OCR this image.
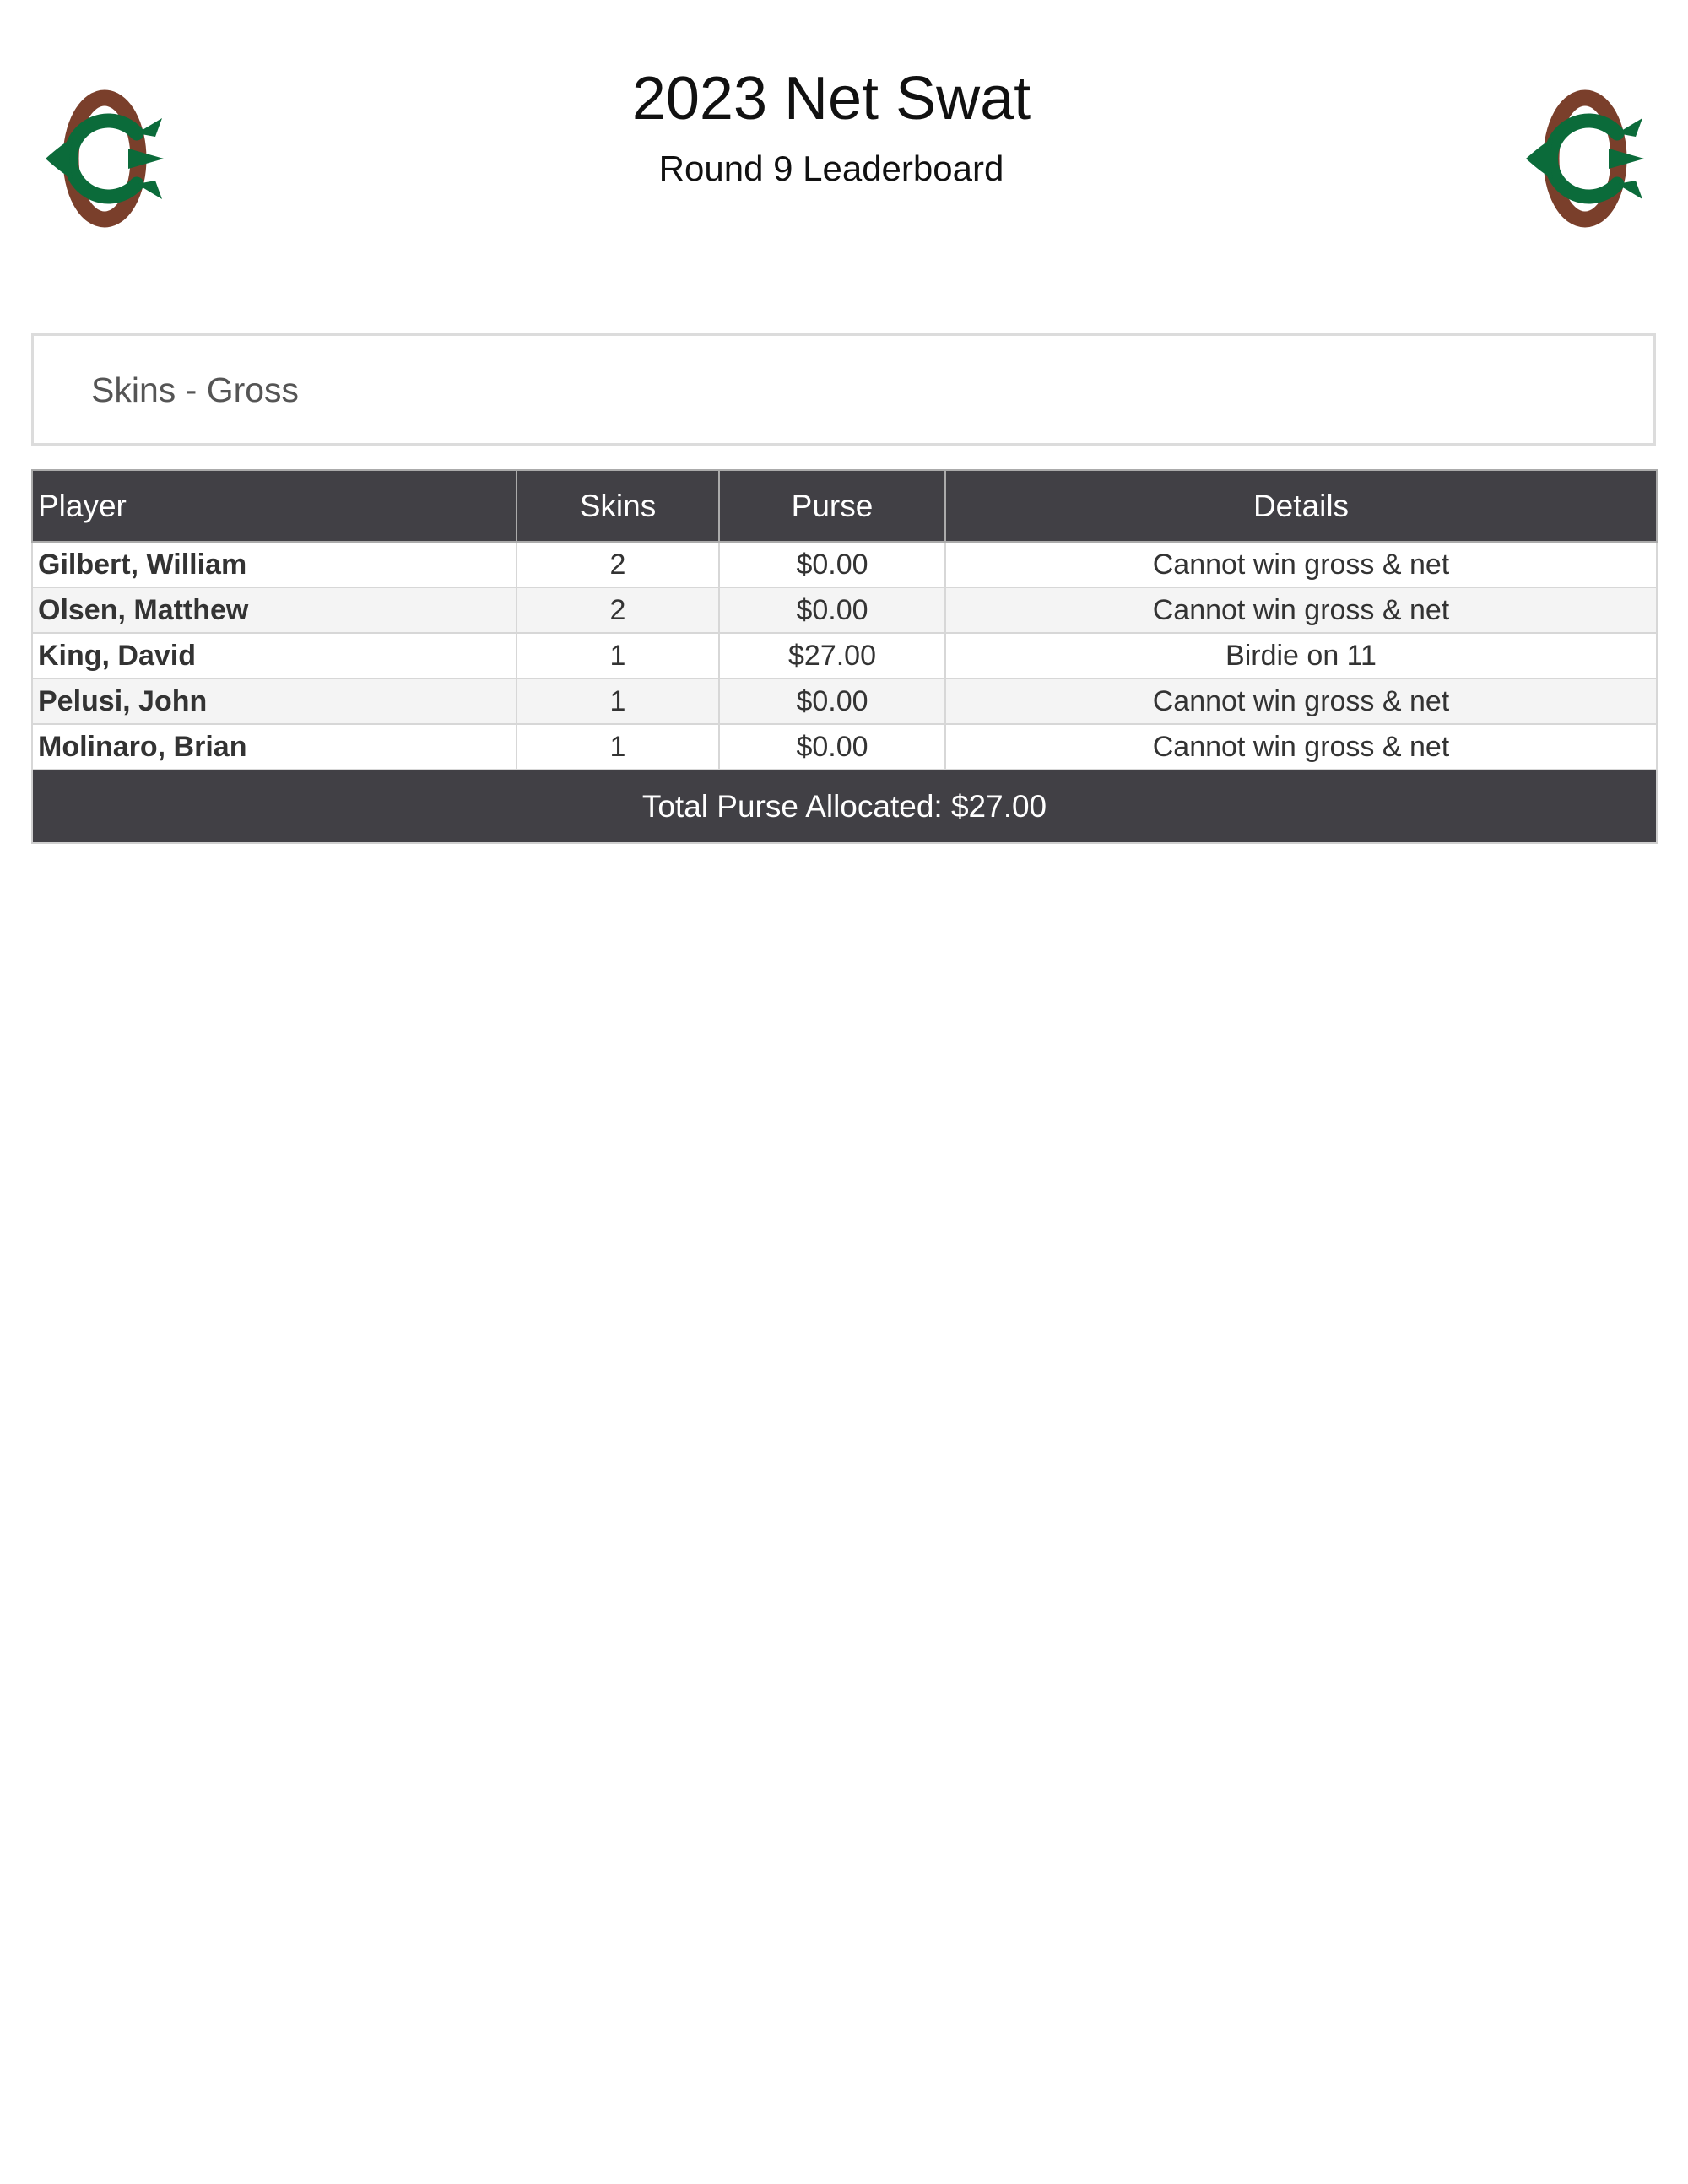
2023 Net Swat
Round 9 Leaderboard
Skins - Gross
Player	Skins	Purse	Details
Gilbert, William	2	$0.00	Cannot win gross & net
Olsen, Matthew	2	$0.00	Cannot win gross & net
King, David	1	$27.00	Birdie on 11
Pelusi, John	1	$0.00	Cannot win gross & net
Molinaro, Brian	1	$0.00	Cannot win gross & net
Total Purse Allocated: $27.00			
